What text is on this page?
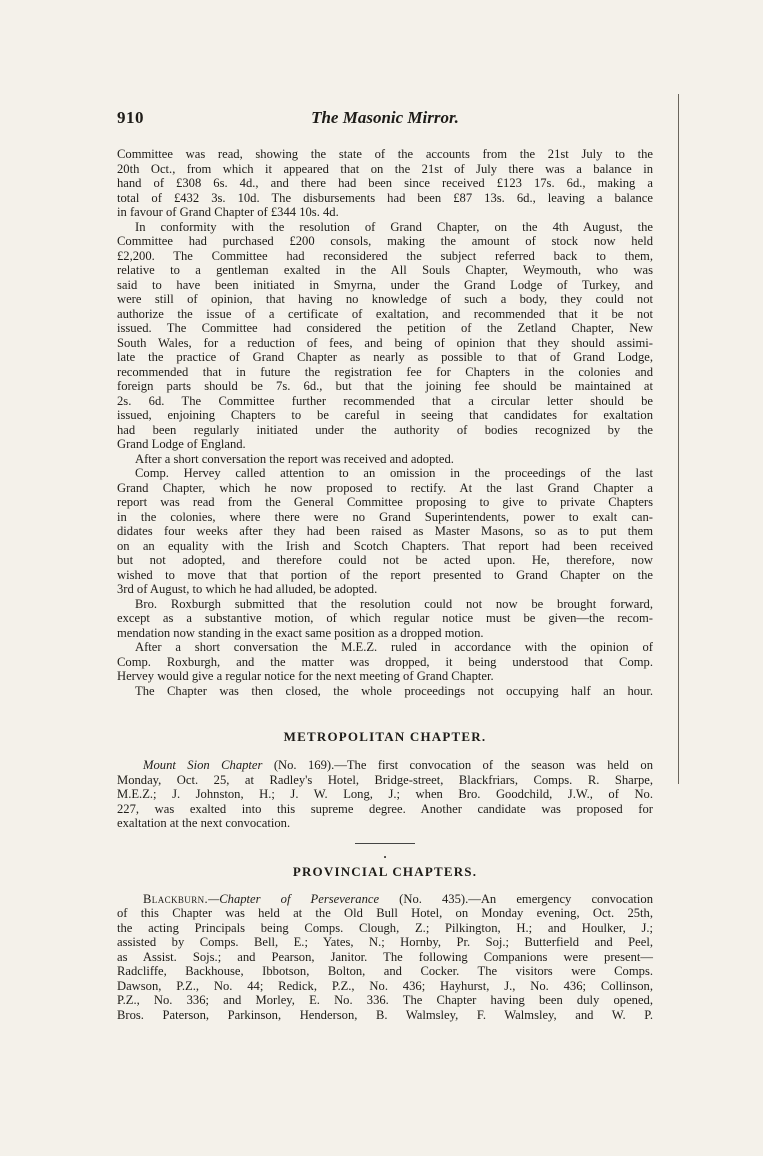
910	The Masonic Mirror.
Committee was read, showing the state of the accounts from the 21st July to the
20th Oct., from which it appeared that on the 21st of July there was a balance in
hand of £308 6s. 4d., and there had been since received £123 17s. 6d., making a
total of £432 3s. 10d. The disbursements had been £87 13s. 6d., leaving a balance
in favour of Grand Chapter of £344 10s. 4d.
In conformity with the resolution of Grand Chapter, on the 4th August, the
Committee had purchased £200 consols, making the amount of stock now held
£2,200. The Committee had reconsidered the subject referred back to them,
relative to a gentleman exalted in the All Souls Chapter, Weymouth, who was
said to have been initiated in Smyrna, under the Grand Lodge of Turkey, and
were still of opinion, that having no knowledge of such a body, they could not
authorize the issue of a certificate of exaltation, and recommended that it be not
issued. The Committee had considered the petition of the Zetland Chapter, New
South Wales, for a reduction of fees, and being of opinion that they should assimi-
late the practice of Grand Chapter as nearly as possible to that of Grand Lodge,
recommended that in future the registration fee for Chapters in the colonies and
foreign parts should be 7s. 6d., but that the joining fee should be maintained at
2s. 6d. The Committee further recommended that a circular letter should be
issued, enjoining Chapters to be careful in seeing that candidates for exaltation
had been regularly initiated under the authority of bodies recognized by the
Grand Lodge of England.
After a short conversation the report was received and adopted.
Comp. Hervey called attention to an omission in the proceedings of the last
Grand Chapter, which he now proposed to rectify. At the last Grand Chapter a
report was read from the General Committee proposing to give to private Chapters
in the colonies, where there were no Grand Superintendents, power to exalt can-
didates four weeks after they had been raised as Master Masons, so as to put them
on an equality with the Irish and Scotch Chapters. That report had been received
but not adopted, and therefore could not be acted upon. He, therefore, now
wished to move that that portion of the report presented to Grand Chapter on the
3rd of August, to which he had alluded, be adopted.
Bro. Roxburgh submitted that the resolution could not now be brought forward,
except as a substantive motion, of which regular notice must be given—the recom-
mendation now standing in the exact same position as a dropped motion.
After a short conversation the M.E.Z. ruled in accordance with the opinion of
Comp. Roxburgh, and the matter was dropped, it being understood that Comp.
Hervey would give a regular notice for the next meeting of Grand Chapter.
The Chapter was then closed, the whole proceedings not occupying half an hour.
METROPOLITAN CHAPTER.
Mount Sion Chapter (No. 169).—The first convocation of the season was held on
Monday, Oct. 25, at Radley's Hotel, Bridge-street, Blackfriars, Comps. R. Sharpe,
M.E.Z.; J. Johnston, H.; J. W. Long, J.; when Bro. Goodchild, J.W., of No.
227, was exalted into this supreme degree. Another candidate was proposed for
exaltation at the next convocation.
•
PROVINCIAL CHAPTERS.
Blackburn.—Chapter of Perseverance (No. 435).—An emergency convocation
of this Chapter was held at the Old Bull Hotel, on Monday evening, Oct. 25th,
the acting Principals being Comps. Clough, Z.; Pilkington, H.; and Houlker, J.;
assisted by Comps. Bell, E.; Yates, N.; Hornby, Pr. Soj.; Butterfield and Peel,
as Assist. Sojs.; and Pearson, Janitor. The following Companions were present—
Radcliffe, Backhouse, Ibbotson, Bolton, and Cocker. The visitors were Comps.
Dawson, P.Z., No. 44; Redick, P.Z., No. 436; Hayhurst, J., No. 436; Collinson,
P.Z., No. 336; and Morley, E. No. 336. The Chapter having been duly opened,
Bros. Paterson, Parkinson, Henderson, B. Walmsley, F. Walmsley, and W. P.
